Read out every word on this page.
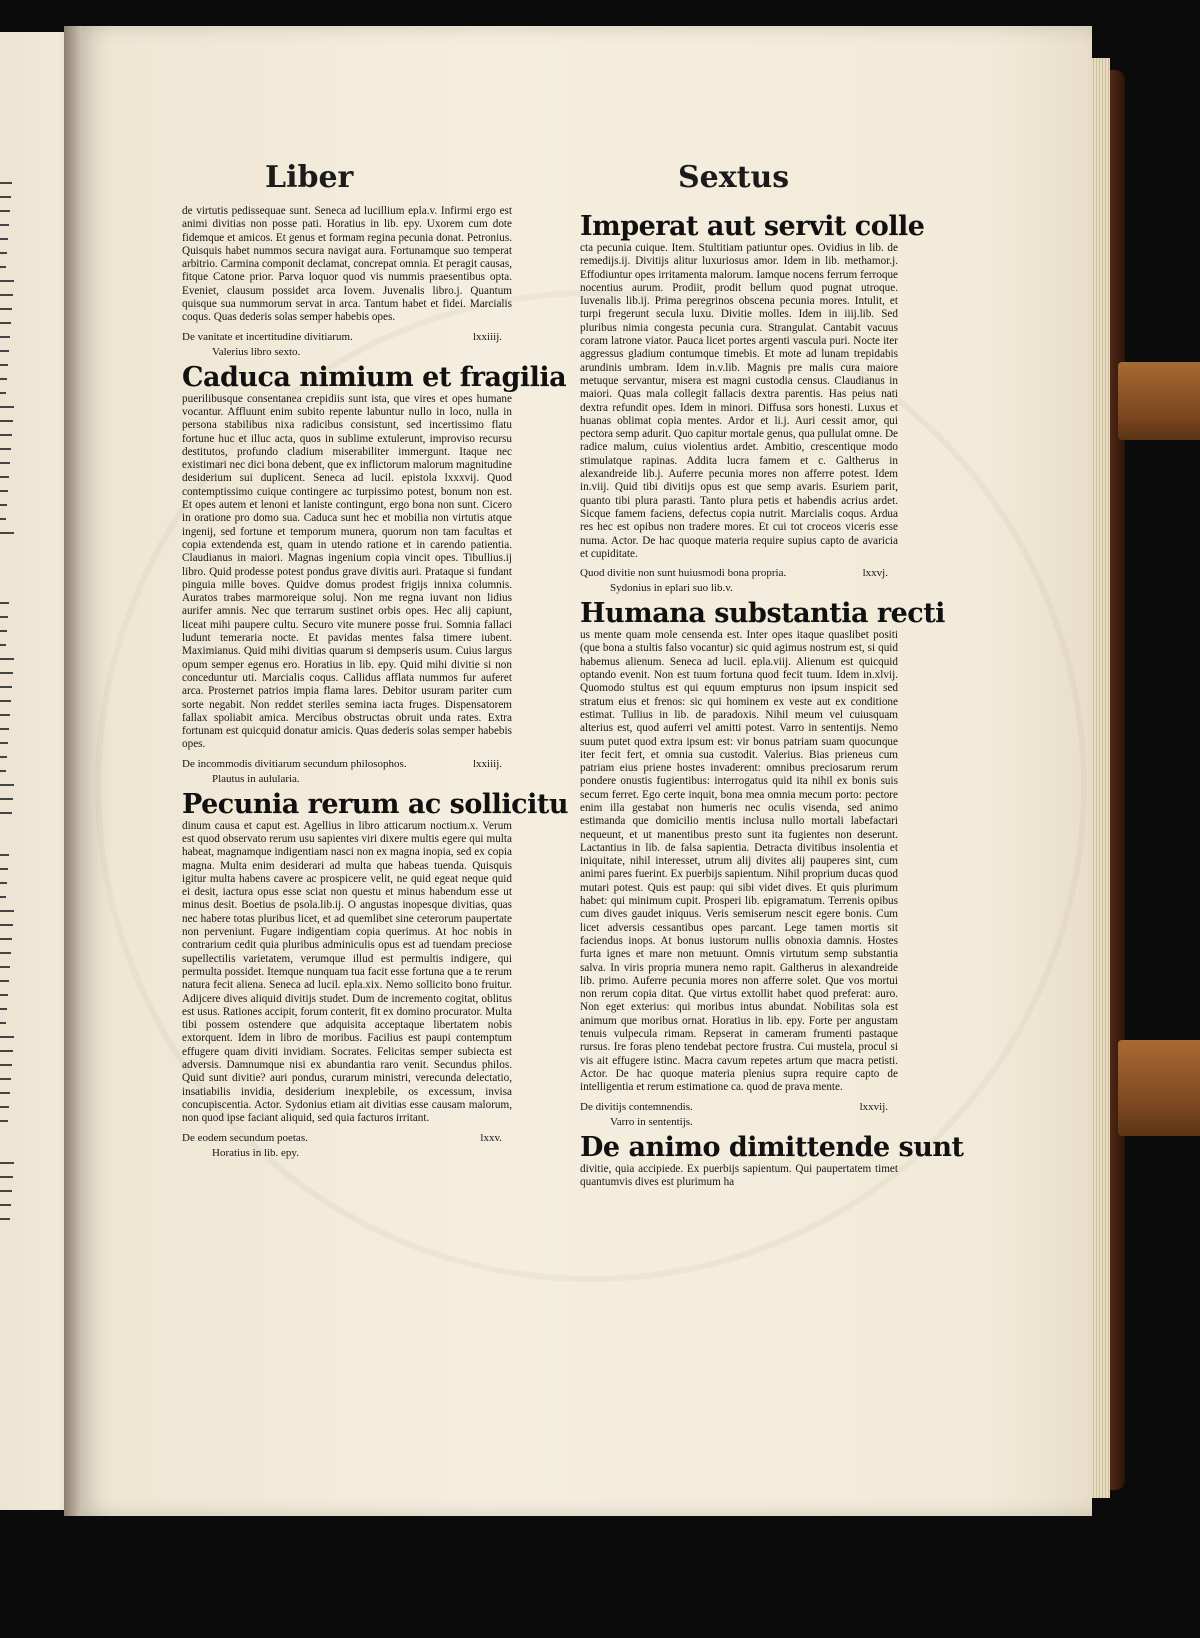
Liber	Sextus

de virtutis pedissequae sunt. Seneca ad lucillium epla.v. Infirmi ergo est animi divitias non posse pati. Horatius in lib. epy. Uxorem cum dote fidemque et amicos. Et genus et formam regina pecunia donat. Petronius. Quisquis habet nummos secura navigat aura. Fortunamque suo temperat arbitrio. Carmina componit declamat, concrepat omnia. Et peragit causas, fitque Catone prior. Parva loquor quod vis nummis praesentibus opta. Eveniet, clausum possidet arca Iovem. Juvenalis libro.j. Quantum quisque sua nummorum servat in arca. Tantum habet et fidei. Marcialis coqus. Quas dederis solas semper habebis opes.

De vanitate et incertitudine divitiarum.	lxxiiij.
Valerius libro sexto.
Caduca nimium et fragilia

puerilibusque consentanea crepidiis sunt ista, que vires et opes humane vocantur. Affluunt enim subito repente labuntur nullo in loco, nulla in persona stabilibus nixa radicibus consistunt, sed incertissimo flatu fortune huc et illuc acta, quos in sublime extulerunt, improviso recursu destitutos, profundo cladium miserabiliter immergunt. Itaque nec existimari nec dici bona debent, que ex inflictorum malorum magnitudine desiderium sui duplicent. Seneca ad lucil. epistola lxxxvij. Quod contemptissimo cuique contingere ac turpissimo potest, bonum non est. Et opes autem et lenoni et laniste contingunt, ergo bona non sunt. Cicero in oratione pro domo sua. Caduca sunt hec et mobilia non virtutis atque ingenij, sed fortune et temporum munera, quorum non tam facultas et copia extendenda est, quam in utendo ratione et in carendo patientia. Claudianus in maiori. Magnas ingenium copia vincit opes. Tibullius.ij libro. Quid prodesse potest pondus grave divitis auri. Prataque si fundant pinguia mille boves. Quidve domus prodest frigijs innixa columnis. Auratos trabes marmoreique soluj. Non me regna iuvant non lidius aurifer amnis. Nec que terrarum sustinet orbis opes. Hec alij capiunt, liceat mihi paupere cultu. Securo vite munere posse frui. Somnia fallaci ludunt temeraria nocte. Et pavidas mentes falsa timere iubent. Maximianus. Quid mihi divitias quarum si dempseris usum. Cuius largus opum semper egenus ero. Horatius in lib. epy. Quid mihi divitie si non conceduntur uti. Marcialis coqus. Callidus afflata nummos fur auferet arca. Prosternet patrios impia flama lares. Debitor usuram pariter cum sorte negabit. Non reddet steriles semina iacta fruges. Dispensatorem fallax spoliabit amica. Mercibus obstructas obruit unda rates. Extra fortunam est quicquid donatur amicis. Quas dederis solas semper habebis opes.

De incommodis divitiarum secundum philosophos.	lxxiiij.
Plautus in aulularia.
Pecunia rerum ac sollicitu

dinum causa et caput est. Agellius in libro atticarum noctium.x. Verum est quod observato rerum usu sapientes viri dixere multis egere qui multa habeat, magnamque indigentiam nasci non ex magna inopia, sed ex copia magna. Multa enim desiderari ad multa que habeas tuenda. Quisquis igitur multa habens cavere ac prospicere velit, ne quid egeat neque quid ei desit, iactura opus esse sciat non questu et minus habendum esse ut minus desit. Boetius de psola.lib.ij. O angustas inopesque divitias, quas nec habere totas pluribus licet, et ad quemlibet sine ceterorum paupertate non perveniunt. Fugare indigentiam copia querimus. At hoc nobis in contrarium cedit quia pluribus adminiculis opus est ad tuendam preciose supellectilis varietatem, verumque illud est permultis indigere, qui permulta possidet. Itemque nunquam tua facit esse fortuna que a te rerum natura fecit aliena. Seneca ad lucil. epla.xix. Nemo sollicito bono fruitur. Adijcere dives aliquid divitijs studet. Dum de incremento cogitat, oblitus est usus. Rationes accipit, forum conterit, fit ex domino procurator. Multa tibi possem ostendere que adquisita acceptaque libertatem nobis extorquent. Idem in libro de moribus. Facilius est paupi contemptum effugere quam diviti invidiam. Socrates. Felicitas semper subiecta est adversis. Damnumque nisi ex abundantia raro venit. Secundus philos. Quid sunt divitie? auri pondus, curarum ministri, verecunda delectatio, insatiabilis invidia, desiderium inexplebile, os excessum, invisa concupiscentia. Actor. Sydonius etiam ait divitias esse causam malorum, non quod ipse faciant aliquid, sed quia facturos irritant.

De eodem secundum poetas.	lxxv.
Horatius in lib. epy.
Imperat aut servit colle

cta pecunia cuique. Item. Stultitiam patiuntur opes. Ovidius in lib. de remedijs.ij. Divitijs alitur luxuriosus amor. Idem in lib. methamor.j. Effodiuntur opes irritamenta malorum. Iamque nocens ferrum ferroque nocentius aurum. Prodiit, prodit bellum quod pugnat utroque. Iuvenalis lib.ij. Prima peregrinos obscena pecunia mores. Intulit, et turpi fregerunt secula luxu. Divitie molles. Idem in iiij.lib. Sed pluribus nimia congesta pecunia cura. Strangulat. Cantabit vacuus coram latrone viator. Pauca licet portes argenti vascula puri. Nocte iter aggressus gladium contumque timebis. Et mote ad lunam trepidabis arundinis umbram. Idem in.v.lib. Magnis pre malis cura maiore metuque servantur, misera est magni custodia census. Claudianus in maiori. Quas mala collegit fallacis dextra parentis. Has peius nati dextra refundit opes. Idem in minori. Diffusa sors honesti. Luxus et huanas oblimat copia mentes. Ardor et li.j. Auri cessit amor, qui pectora semp adurit. Quo capitur mortale genus, qua pullulat omne. De radice malum, cuius violentius ardet. Ambitio, crescentique modo stimulatque rapinas. Addita lucra famem et c. Galtherus in alexandreide lib.j. Auferre pecunia mores non afferre potest. Idem in.viij. Quid tibi divitijs opus est que semp avaris. Esuriem parit, quanto tibi plura parasti. Tanto plura petis et habendis acrius ardet. Sicque famem faciens, defectus copia nutrit. Marcialis coqus. Ardua res hec est opibus non tradere mores. Et cui tot croceos viceris esse numa. Actor. De hac quoque materia require supius capto de avaricia et cupiditate.

Quod divitie non sunt huiusmodi bona propria.	lxxvj.
Sydonius in eplari suo lib.v.
Humana substantia recti

us mente quam mole censenda est. Inter opes itaque quaslibet positi (que bona a stultis falso vocantur) sic quid agimus nostrum est, si quid habemus alienum. Seneca ad lucil. epla.viij. Alienum est quicquid optando evenit. Non est tuum fortuna quod fecit tuum. Idem in.xlvij. Quomodo stultus est qui equum empturus non ipsum inspicit sed stratum eius et frenos: sic qui hominem ex veste aut ex conditione estimat. Tullius in lib. de paradoxis. Nihil meum vel cuiusquam alterius est, quod auferri vel amitti potest. Varro in sententijs. Nemo suum putet quod extra ipsum est: vir bonus patriam suam quocunque iter fecit fert, et omnia sua custodit. Valerius. Bias prieneus cum patriam eius priene hostes invaderent: omnibus preciosarum rerum pondere onustis fugientibus: interrogatus quid ita nihil ex bonis suis secum ferret. Ego certe inquit, bona mea omnia mecum porto: pectore enim illa gestabat non humeris nec oculis visenda, sed animo estimanda que domicilio mentis inclusa nullo mortali labefactari nequeunt, et ut manentibus presto sunt ita fugientes non deserunt. Lactantius in lib. de falsa sapientia. Detracta divitibus insolentia et iniquitate, nihil interesset, utrum alij divites alij pauperes sint, cum animi pares fuerint. Ex puerbijs sapientum. Nihil proprium ducas quod mutari potest. Quis est paup: qui sibi videt dives. Et quis plurimum habet: qui minimum cupit. Prosperi lib. epigramatum. Terrenis opibus cum dives gaudet iniquus. Veris semiserum nescit egere bonis. Cum licet adversis cessantibus opes parcant. Lege tamen mortis sit faciendus inops. At bonus iustorum nullis obnoxia damnis. Hostes furta ignes et mare non metuunt. Omnis virtutum semp substantia salva. In viris propria munera nemo rapit. Galtherus in alexandreide lib. primo. Auferre pecunia mores non afferre solet. Que vos mortui non rerum copia ditat. Que virtus extollit habet quod preferat: auro. Non eget exterius: qui moribus intus abundat. Nobilitas sola est animum que moribus ornat. Horatius in lib. epy. Forte per angustam tenuis vulpecula rimam. Repserat in cameram frumenti pastaque rursus. Ire foras pleno tendebat pectore frustra. Cui mustela, procul si vis ait effugere istinc. Macra cavum repetes artum que macra petisti. Actor. De hac quoque materia plenius supra require capto de intelligentia et rerum estimatione ca. quod de prava mente.

De divitijs contemnendis.	lxxvij.
Varro in sententijs.
De animo dimittende sunt

divitie, quia accipiede. Ex puerbijs sapientum. Qui paupertatem timet quantumvis dives est plurimum ha
